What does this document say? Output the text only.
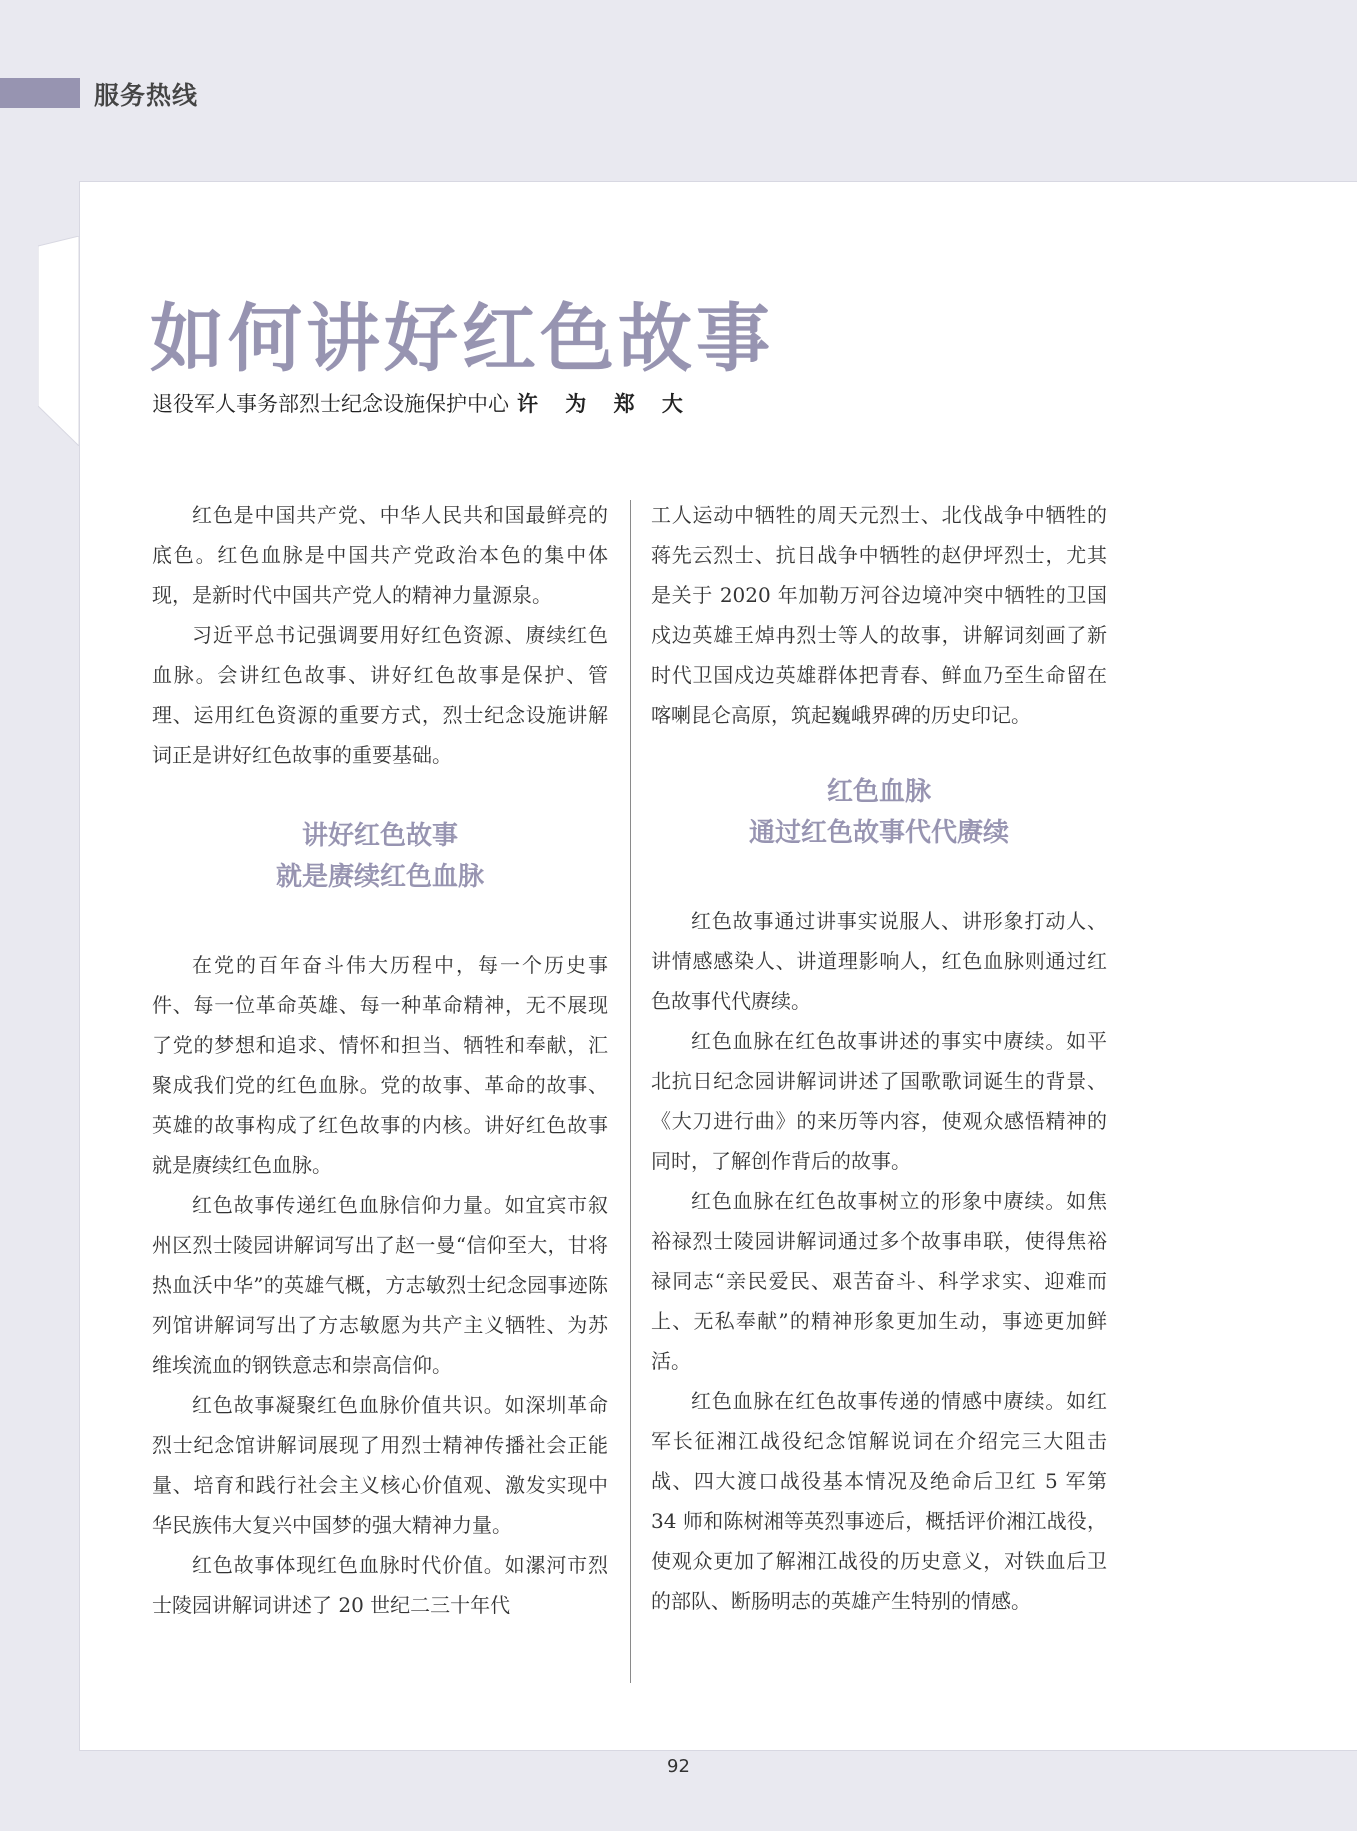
服务热线
如何讲好红色故事
退役军人事务部烈士纪念设施保护中心 许 为 郑 大

红色是中国共产党、中华人民共和国最鲜亮的底色。红色血脉是中国共产党政治本色的集中体现，是新时代中国共产党人的精神力量源泉。

习近平总书记强调要用好红色资源、赓续红色血脉。会讲红色故事、讲好红色故事是保护、管理、运用红色资源的重要方式，烈士纪念设施讲解词正是讲好红色故事的重要基础。

讲好红色故事
就是赓续红色血脉

在党的百年奋斗伟大历程中，每一个历史事件、每一位革命英雄、每一种革命精神，无不展现了党的梦想和追求、情怀和担当、牺牲和奉献，汇聚成我们党的红色血脉。党的故事、革命的故事、英雄的故事构成了红色故事的内核。讲好红色故事就是赓续红色血脉。

红色故事传递红色血脉信仰力量。如宜宾市叙州区烈士陵园讲解词写出了赵一曼“信仰至大，甘将热血沃中华”的英雄气概，方志敏烈士纪念园事迹陈列馆讲解词写出了方志敏愿为共产主义牺牲、为苏维埃流血的钢铁意志和崇高信仰。

红色故事凝聚红色血脉价值共识。如深圳革命烈士纪念馆讲解词展现了用烈士精神传播社会正能量、培育和践行社会主义核心价值观、激发实现中华民族伟大复兴中国梦的强大精神力量。

红色故事体现红色血脉时代价值。如漯河市烈士陵园讲解词讲述了 20 世纪二三十年代

工人运动中牺牲的周天元烈士、北伐战争中牺牲的蒋先云烈士、抗日战争中牺牲的赵伊坪烈士，尤其是关于 2020 年加勒万河谷边境冲突中牺牲的卫国戍边英雄王焯冉烈士等人的故事，讲解词刻画了新时代卫国戍边英雄群体把青春、鲜血乃至生命留在喀喇昆仑高原，筑起巍峨界碑的历史印记。

红色血脉
通过红色故事代代赓续

红色故事通过讲事实说服人、讲形象打动人、讲情感感染人、讲道理影响人，红色血脉则通过红色故事代代赓续。

红色血脉在红色故事讲述的事实中赓续。如平北抗日纪念园讲解词讲述了国歌歌词诞生的背景、《大刀进行曲》的来历等内容，使观众感悟精神的同时，了解创作背后的故事。

红色血脉在红色故事树立的形象中赓续。如焦裕禄烈士陵园讲解词通过多个故事串联，使得焦裕禄同志“亲民爱民、艰苦奋斗、科学求实、迎难而上、无私奉献”的精神形象更加生动，事迹更加鲜活。

红色血脉在红色故事传递的情感中赓续。如红军长征湘江战役纪念馆解说词在介绍完三大阻击战、四大渡口战役基本情况及绝命后卫红 5 军第 34 师和陈树湘等英烈事迹后，概括评价湘江战役，使观众更加了解湘江战役的历史意义，对铁血后卫的部队、断肠明志的英雄产生特别的情感。

92
